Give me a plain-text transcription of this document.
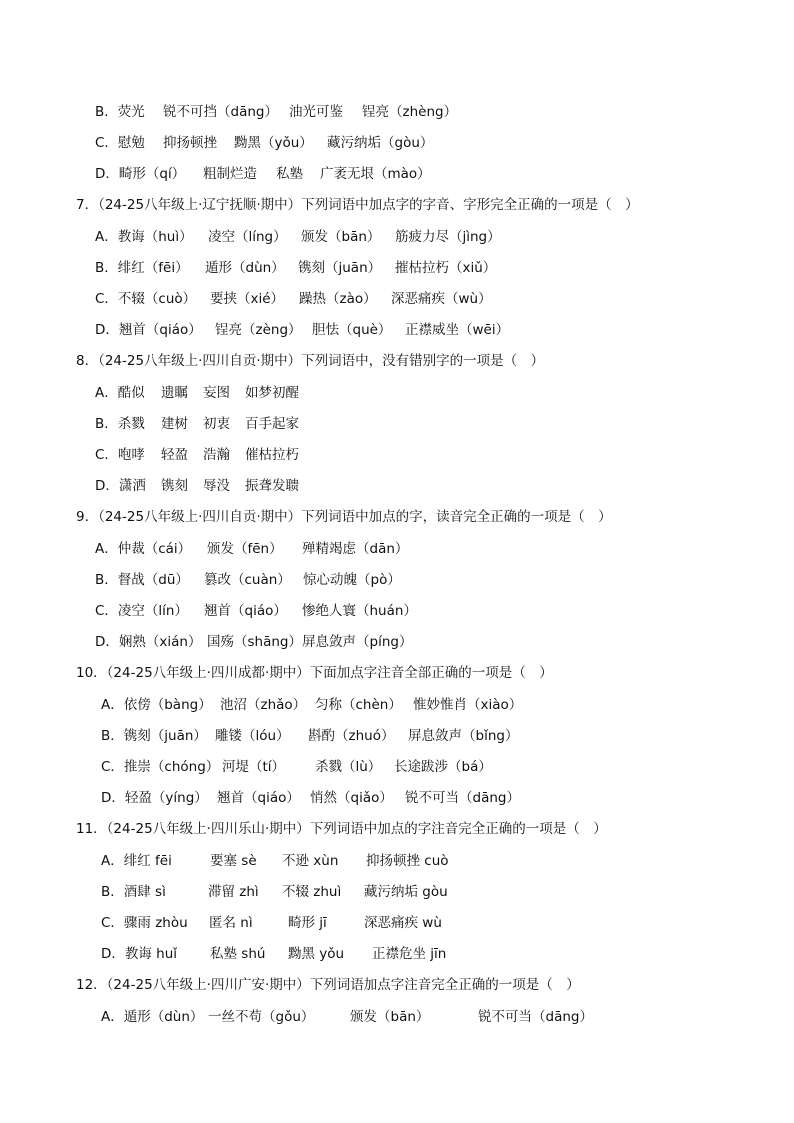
B．荧光 锐不可挡（dāng） 油光可鉴 锃亮（zhèng）
C．慰勉 抑扬顿挫 黝黑（yǒu） 藏污纳垢（gòu）
D．畸形（qí） 粗制烂造 私塾 广袤无垠（mào）
7．（24-25八年级上·辽宁抚顺·期中）下列词语中加点字的字音、字形完全正确的一项是（　）
A．教诲（huì） 凌空（líng） 颁发（bān） 筋疲力尽（jìng）
B．绯红（fēi） 遁形（dùn） 镌刻（juān） 摧枯拉朽（xiǔ）
C．不辍（cuò） 要挟（xié） 躁热（zào） 深恶痛疾（wù）
D．翘首（qiáo） 锃亮（zèng） 胆怯（què） 正襟威坐（wēi）
8．（24-25八年级上·四川自贡·期中）下列词语中，没有错别字的一项是（　）
A．酷似 遗瞩 妄图 如梦初醒
B．杀戮 建树 初衷 百手起家
C．咆哮 轻盈 浩瀚 催枯拉朽
D．潇洒 镌刻 辱没 振聋发聩
9．（24-25八年级上·四川自贡·期中）下列词语中加点的字，读音完全正确的一项是（　）
A．仲裁（cái） 颁发（fēn） 殚精竭虑（dān）
B．督战（dū） 篡改（cuàn） 惊心动魄（pò）
C．凌空（lín） 翘首（qiáo） 惨绝人寰（huán）
D．娴熟（xián） 国殇（shāng） 屏息敛声（píng）
10．（24-25八年级上·四川成都·期中）下面加点字注音全部正确的一项是（　）
A．依傍（bàng） 池沼（zhǎo） 匀称（chèn） 惟妙惟肖（xiào）
B．镌刻（juān） 雕镂（lóu） 斟酌（zhuó） 屏息敛声（bǐng）
C．推崇（chóng） 河堤（tí） 杀戮（lù） 长途跋涉（bá）
D．轻盈（yíng） 翘首（qiáo） 悄然（qiǎo） 锐不可当（dāng）
11．（24-25八年级上·四川乐山·期中）下列词语中加点的字注音完全正确的一项是（　）
A．绯红 fēi	要塞 sè 不逊 xùn 抑扬顿挫 cuò
B．酒肆 sì	滞留 zhì 不辍 zhuì 藏污纳垢 gòu
C．骤雨 zhòu 匿名 nì	畸形 jī	深恶痛疾 wù
D．教诲 huǐ 私塾 shú 黝黑 yǒu 正襟危坐 jīn
12．（24-25八年级上·四川广安·期中）下列词语加点字注音完全正确的一项是（　）
A．遁形（dùn） 一丝不苟（gǒu）	颁发（bān）	锐不可当（dāng）
